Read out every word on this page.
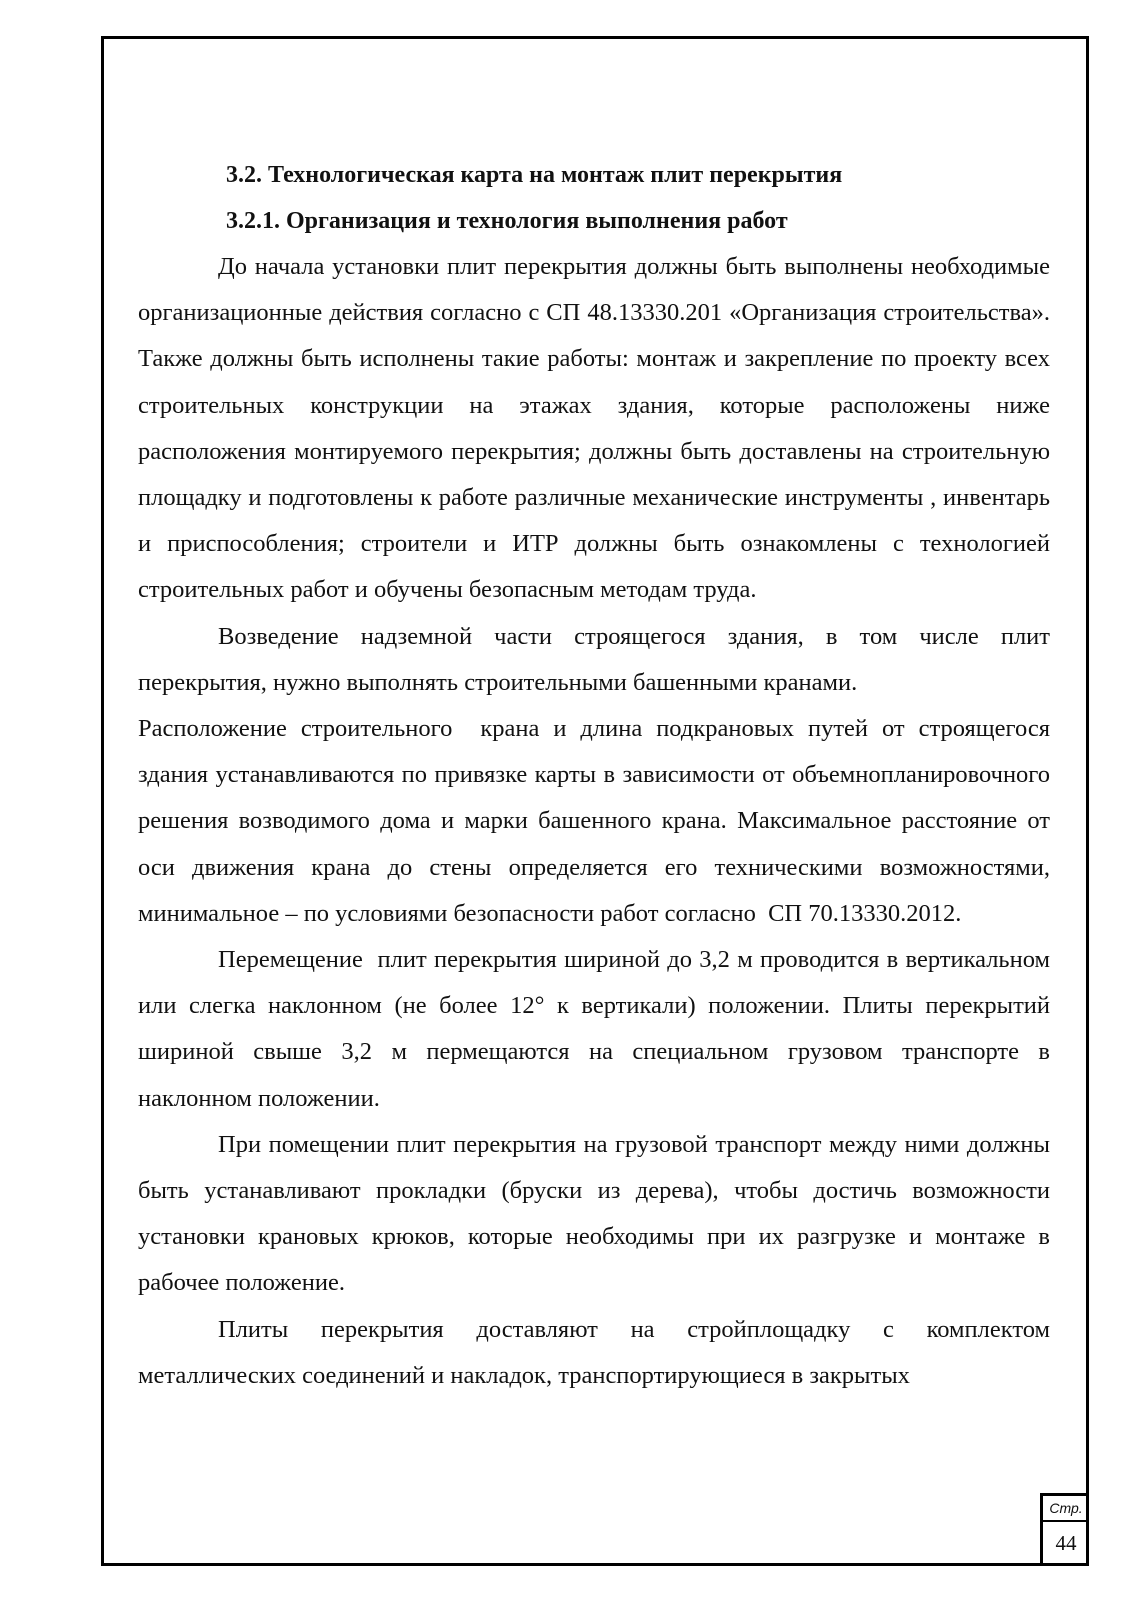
3.2. Технологическая карта на монтаж плит перекрытия

3.2.1. Организация и технология выполнения работ

До начала установки плит перекрытия должны быть выполнены необходимые организационные действия согласно с СП 48.13330.201 «Организация строительства». Также должны быть исполнены такие работы: монтаж и закрепление по проекту всех строительных конструкции на этажах здания, которые расположены ниже расположения монтируемого перекрытия; должны быть доставлены на строительную площадку и подготовлены к работе различные механические инструменты , инвентарь и приспособления; строители и ИТР должны быть ознакомлены с технологией строительных работ и обучены безопасным методам труда.

Возведение надземной части строящегося здания, в том числе плит перекрытия, нужно выполнять строительными башенными кранами.

Расположение строительного  крана и длина подкрановых путей от строящегося здания устанавливаются по привязке карты в зависимости от объемнопланировочного решения возводимого дома и марки башенного крана. Максимальное расстояние от оси движения крана до стены определяется его техническими возможностями, минимальное – по условиями безопасности работ согласно  СП 70.13330.2012.

Перемещение  плит перекрытия шириной до 3,2 м проводится в вертикальном или слегка наклонном (не более 12° к вертикали) положении. Плиты перекрытий шириной свыше 3,2 м пермещаются на специальном грузовом транспорте в наклонном положении.

При помещении плит перекрытия на грузовой транспорт между ними должны быть устанавливают прокладки (бруски из дерева), чтобы достичь возможности установки крановых крюков, которые необходимы при их разгрузке и монтаже в рабочее положение.

Плиты перекрытия доставляют на стройплощадку с комплектом металлических соединений и накладок, транспортирующиеся в закрытых

Стр.
44
